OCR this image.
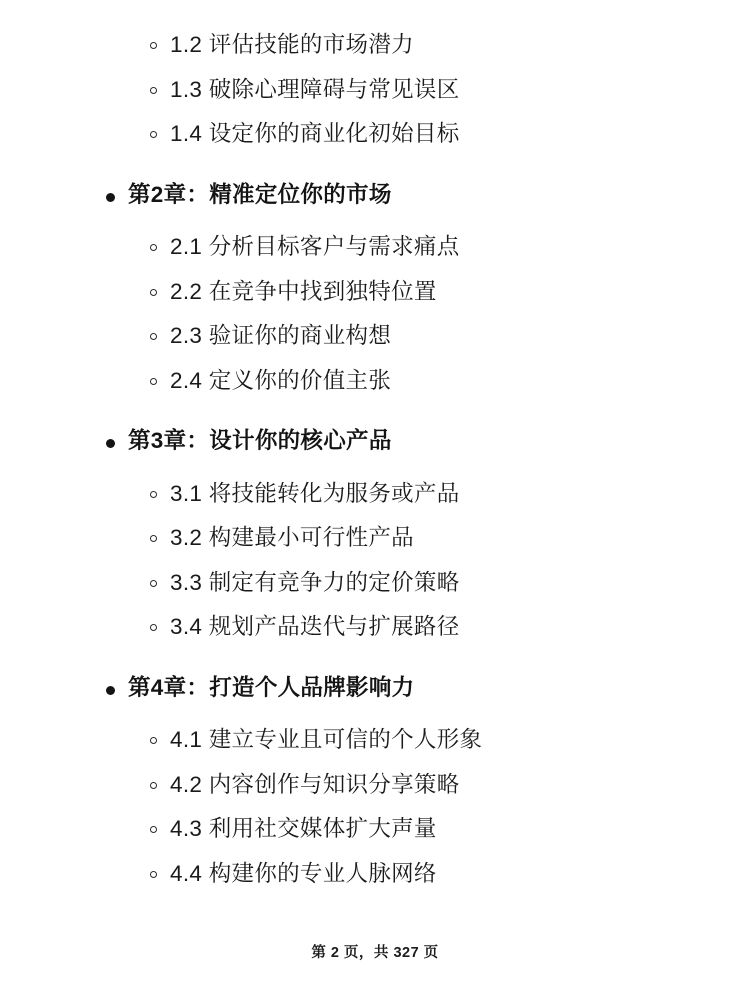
1.2 评估技能的市场潜力
1.3 破除心理障碍与常见误区
1.4 设定你的商业化初始目标
第2章：精准定位你的市场
2.1 分析目标客户与需求痛点
2.2 在竞争中找到独特位置
2.3 验证你的商业构想
2.4 定义你的价值主张
第3章：设计你的核心产品
3.1 将技能转化为服务或产品
3.2 构建最小可行性产品
3.3 制定有竞争力的定价策略
3.4 规划产品迭代与扩展路径
第4章：打造个人品牌影响力
4.1 建立专业且可信的个人形象
4.2 内容创作与知识分享策略
4.3 利用社交媒体扩大声量
4.4 构建你的专业人脉网络
第 2 页，共 327 页
